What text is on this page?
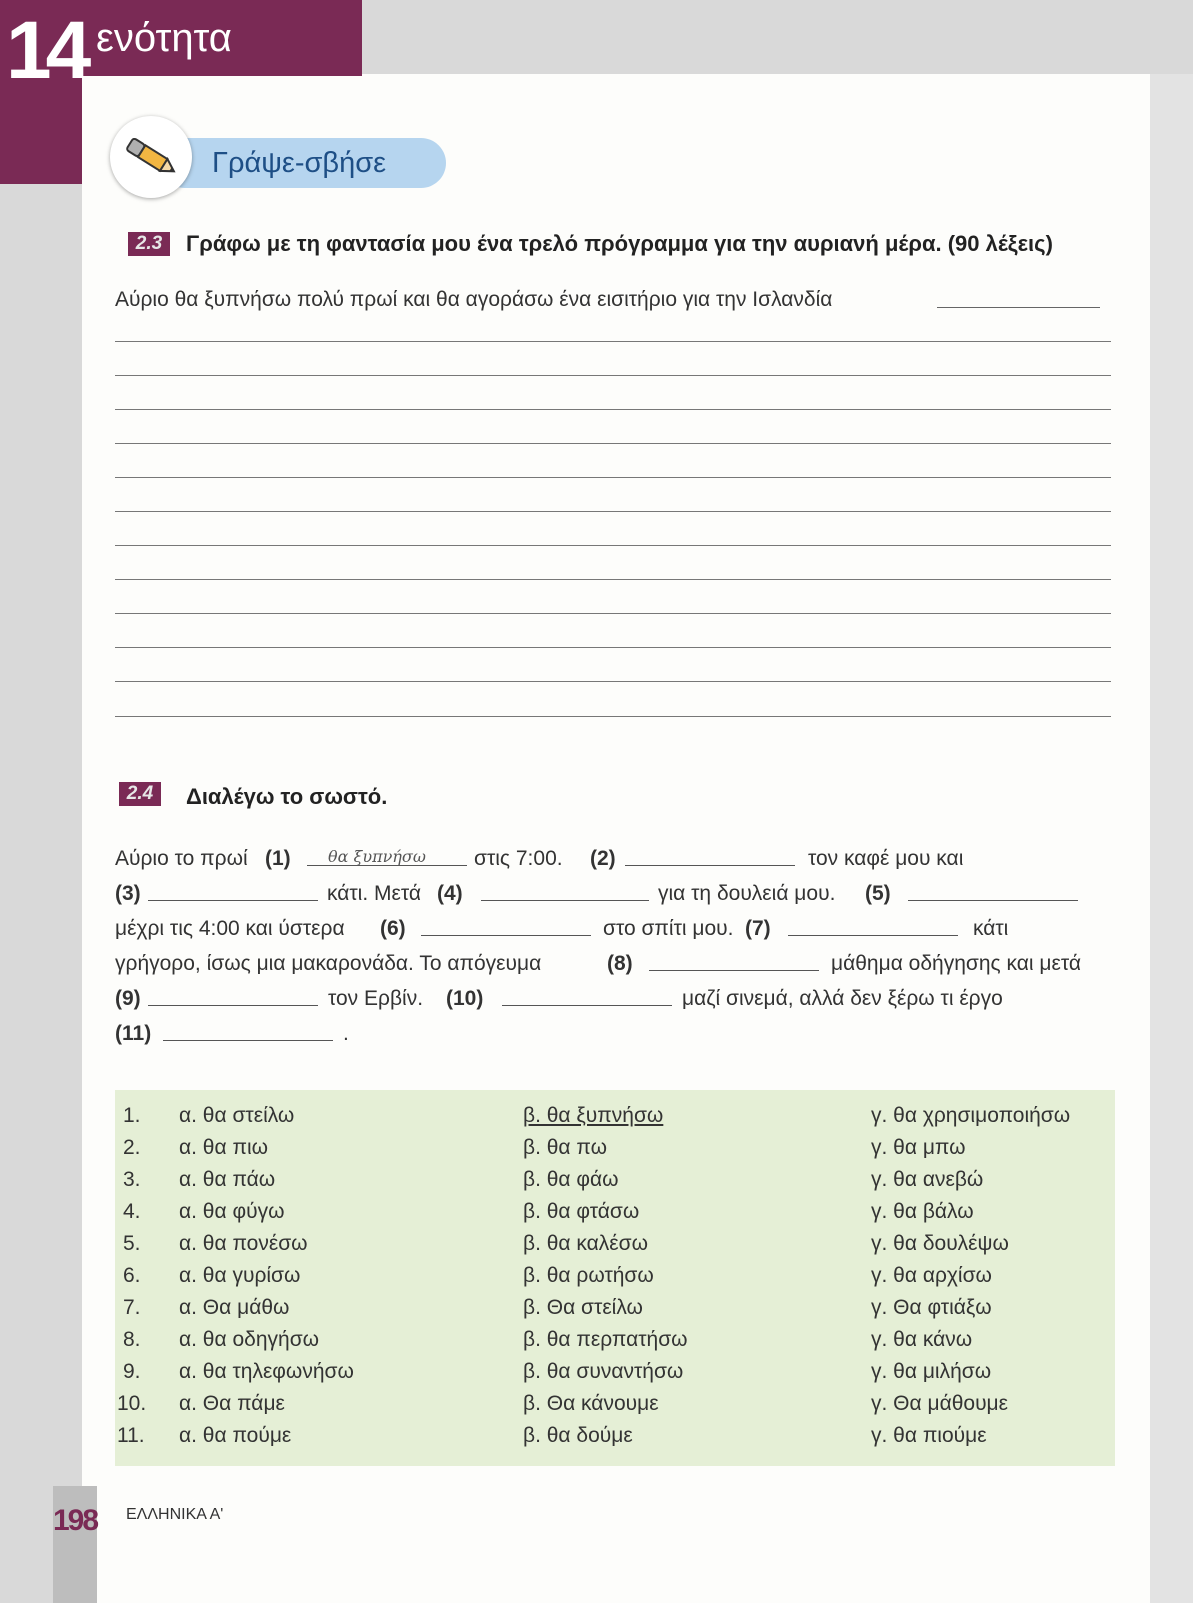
14 ενότητα
Γράψε-σβήσε
2.3	Γράφω με τη φαντασία μου ένα τρελό πρόγραμμα για την αυριανή μέρα. (90 λέξεις)
Αύριο θα ξυπνήσω πολύ πρωί και θα αγοράσω ένα εισιτήριο για την Ισλανδία
2.4	Διαλέγω το σωστό.
Αύριο το πρωί (1) θα ξυπνήσω στις 7:00. (2)	τον καφέ μου και
(3)	κάτι. Μετά (4)	για τη δουλειά μου. (5)
μέχρι τις 4:00 και ύστερα (6)	στο σπίτι μου. (7)	κάτι
γρήγορο, ίσως μια μακαρονάδα. Το απόγευμα	(8)	μάθημα οδήγησης και μετά
(9)	τον Ερβίν. (10)	μαζί σινεμά, αλλά δεν ξέρω τι έργο
(11)	.
1. α. θα στείλω	β. θα ξυπνήσω	γ. θα χρησιμοποιήσω
2. α. θα πιω	β. θα πω	γ. θα μπω
3. α. θα πάω	β. θα φάω	γ. θα ανεβώ
4. α. θα φύγω	β. θα φτάσω	γ. θα βάλω
5. α. θα πονέσω	β. θα καλέσω	γ. θα δουλέψω
6. α. θα γυρίσω	β. θα ρωτήσω	γ. θα αρχίσω
7. α. Θα μάθω	β. Θα στείλω	γ. Θα φτιάξω
8. α. θα οδηγήσω	β. θα περπατήσω	γ. θα κάνω
9. α. θα τηλεφωνήσω	β. θα συναντήσω	γ. θα μιλήσω
10. α. Θα πάμε	β. Θα κάνουμε	γ. Θα μάθουμε
11. α. θα πούμε	β. θα δούμε	γ. θα πιούμε
198 ΕΛΛΗΝΙΚΑ Α'
